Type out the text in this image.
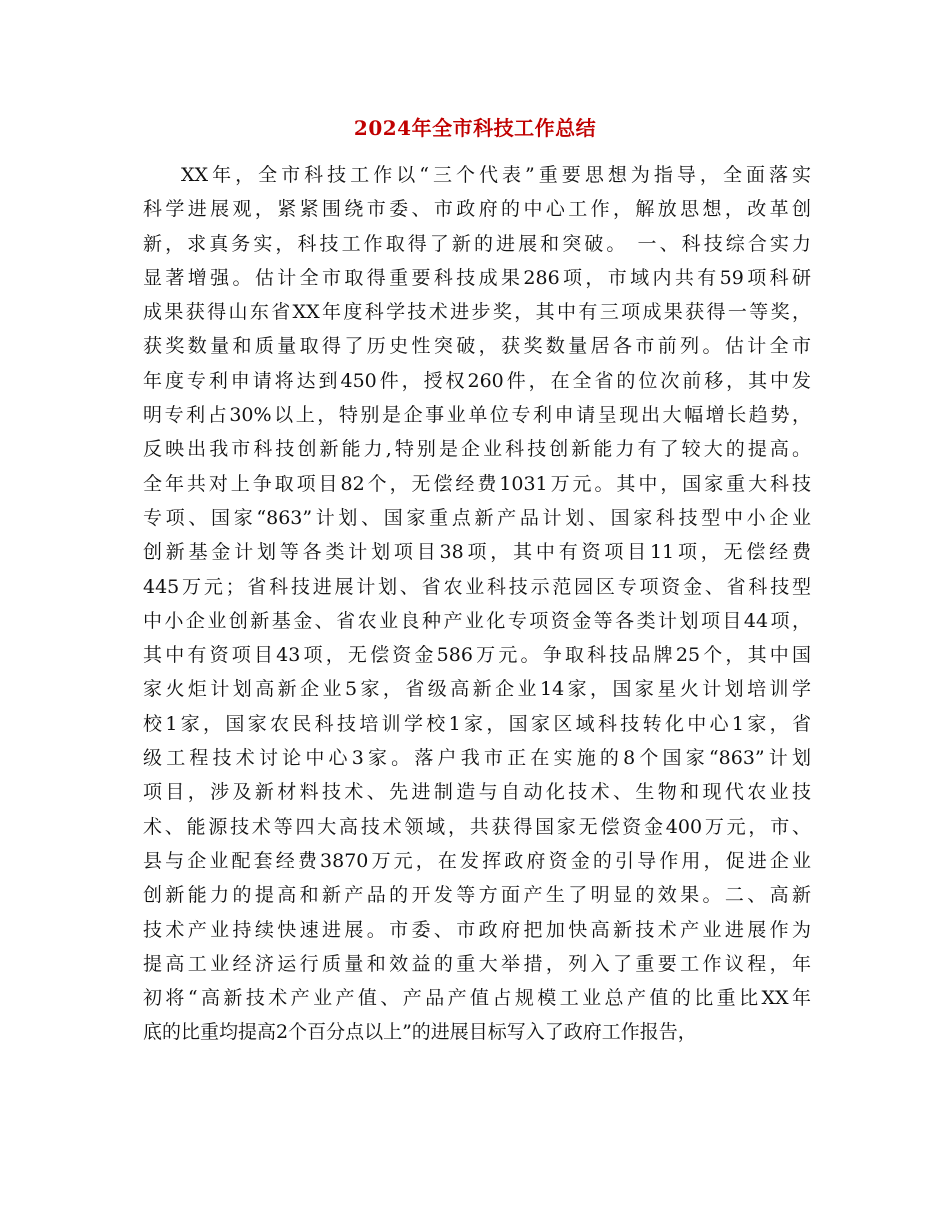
2024年全市科技工作总结
XX年，全市科技工作以“三个代表”重要思想为指导，全面落实
科学进展观，紧紧围绕市委、市政府的中心工作，解放思想，改革创
新，求真务实，科技工作取得了新的进展和突破。 一、科技综合实力
显著增强。估计全市取得重要科技成果286项，市域内共有59项科研
成果获得山东省XX年度科学技术进步奖，其中有三项成果获得一等奖，
获奖数量和质量取得了历史性突破，获奖数量居各市前列。估计全市
年度专利申请将达到450件，授权260件，在全省的位次前移，其中发
明专利占30%以上，特别是企事业单位专利申请呈现出大幅增长趋势，
反映出我市科技创新能力,特别是企业科技创新能力有了较大的提高。
全年共对上争取项目82个，无偿经费1031万元。其中，国家重大科技
专项、国家“863”计划、国家重点新产品计划、国家科技型中小企业
创新基金计划等各类计划项目38项，其中有资项目11项，无偿经费
445万元；省科技进展计划、省农业科技示范园区专项资金、省科技型
中小企业创新基金、省农业良种产业化专项资金等各类计划项目44项，
其中有资项目43项，无偿资金586万元。争取科技品牌25个，其中国
家火炬计划高新企业5家，省级高新企业14家，国家星火计划培训学
校1家，国家农民科技培训学校1家，国家区域科技转化中心1家，省
级工程技术讨论中心3家。落户我市正在实施的8个国家“863”计划
项目，涉及新材料技术、先进制造与自动化技术、生物和现代农业技
术、能源技术等四大高技术领域，共获得国家无偿资金400万元，市、
县与企业配套经费3870万元，在发挥政府资金的引导作用，促进企业
创新能力的提高和新产品的开发等方面产生了明显的效果。二、高新
技术产业持续快速进展。市委、市政府把加快高新技术产业进展作为
提高工业经济运行质量和效益的重大举措，列入了重要工作议程，年
初将“高新技术产业产值、产品产值占规模工业总产值的比重比XX年
底的比重均提高2个百分点以上”的进展目标写入了政府工作报告，
